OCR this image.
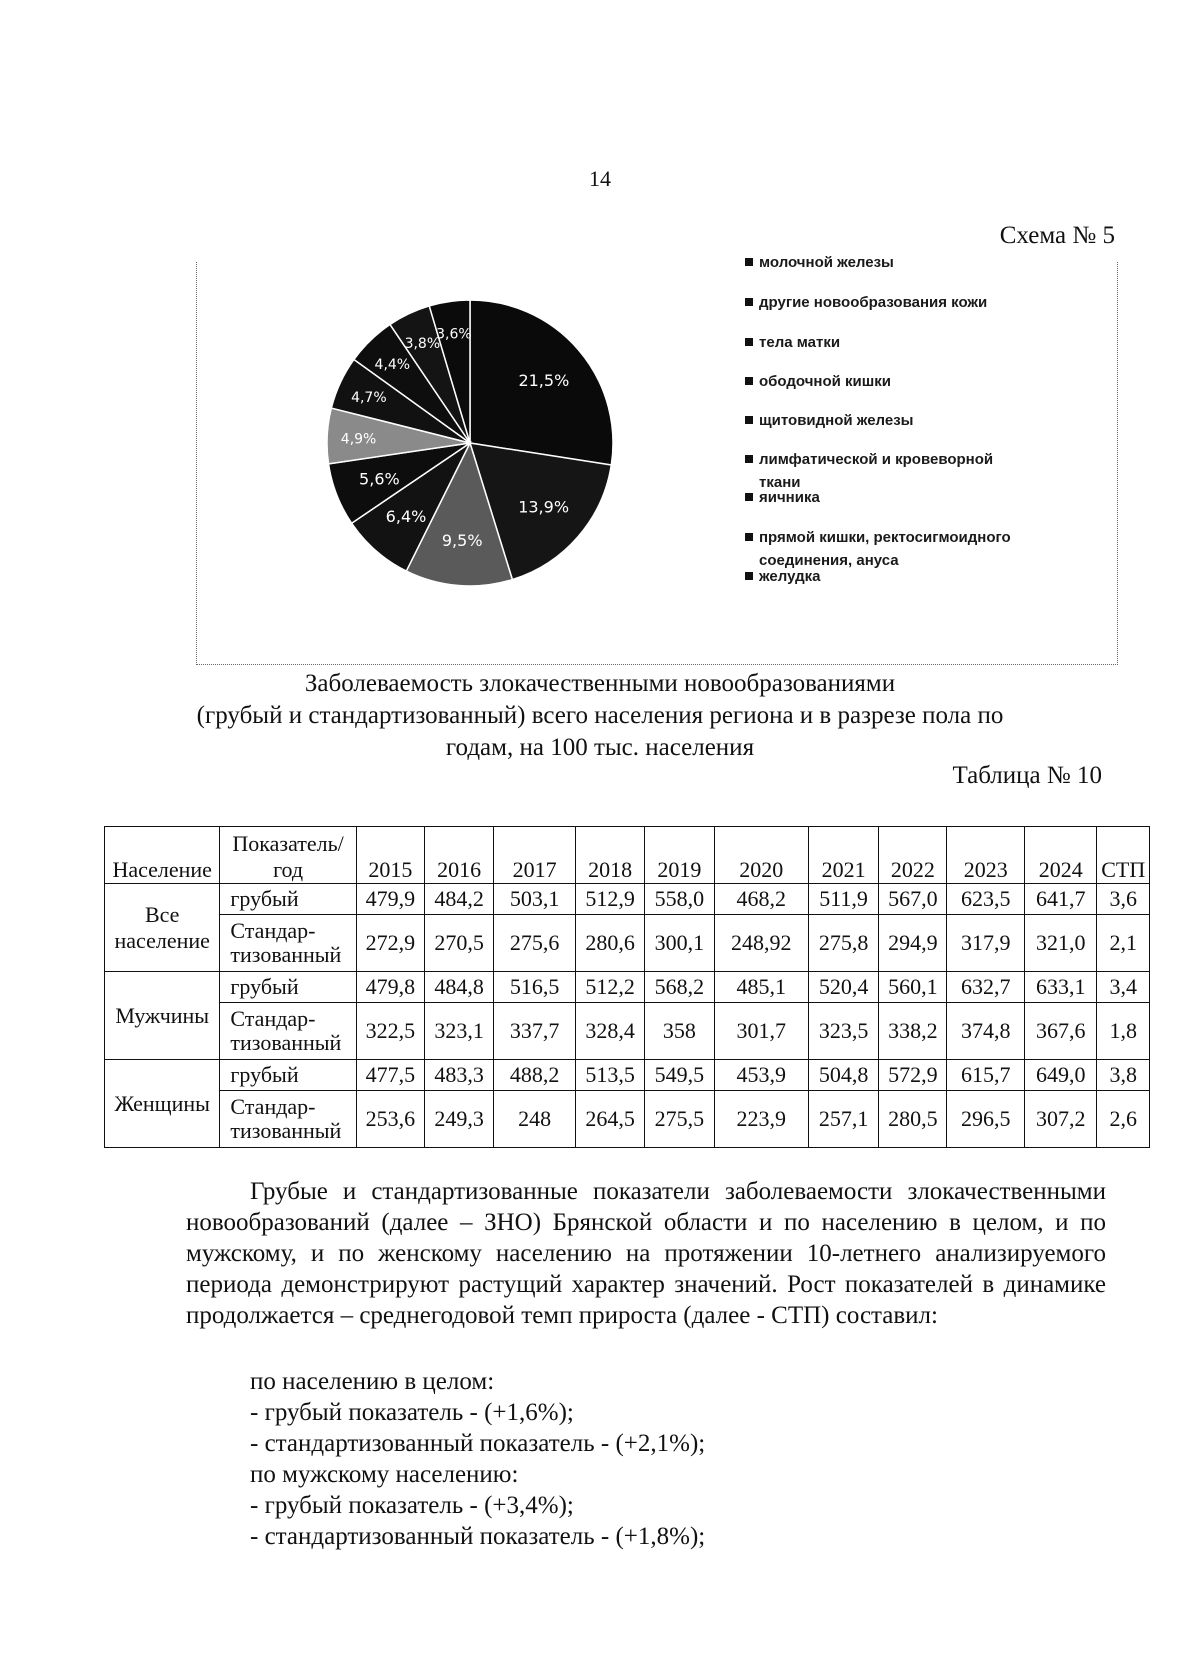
14
Схема № 5
21,5%
13,9%
9,5%
6,4%
5,6%
4,9%
4,7%
4,4%
3,8%
3,6%
молочной железы
другие новообразования кожи
тела матки
ободочной кишки
щитовидной железы
лимфатической и кровеворной
ткани
яичника
прямой кишки, ректосигмоидного
соединения, ануса
желудка
Заболеваемость злокачественными новообразованиями
(грубый и стандартизованный) всего населения региона и в разрезе пола по
годам, на 100 тыс. населения
Таблица № 10
Население	Показатель/ год	2015	2016	2017	2018	2019	2020	2021	2022	2023	2024	СТП
Все население	грубый	479,9	484,2	503,1	512,9	558,0	468,2	511,9	567,0	623,5	641,7	3,6
	Стандар-тизованный	272,9	270,5	275,6	280,6	300,1	248,92	275,8	294,9	317,9	321,0	2,1
Мужчины	грубый	479,8	484,8	516,5	512,2	568,2	485,1	520,4	560,1	632,7	633,1	3,4
	Стандар-тизованный	322,5	323,1	337,7	328,4	358	301,7	323,5	338,2	374,8	367,6	1,8
Женщины	грубый	477,5	483,3	488,2	513,5	549,5	453,9	504,8	572,9	615,7	649,0	3,8
	Стандар-тизованный	253,6	249,3	248	264,5	275,5	223,9	257,1	280,5	296,5	307,2	2,6

Грубые и стандартизованные показатели заболеваемости злокачественными новообразований (далее – ЗНО) Брянской области и по населению в целом, и по мужскому, и по женскому населению на протяжении 10-летнего анализируемого периода демонстрируют растущий характер значений. Рост показателей в динамике продолжается – среднегодовой темп прироста (далее - СТП) составил:

по населению в целом:
- грубый показатель - (+1,6%);
- стандартизованный показатель - (+2,1%);
по мужскому населению:
- грубый показатель - (+3,4%);
- стандартизованный показатель - (+1,8%);
